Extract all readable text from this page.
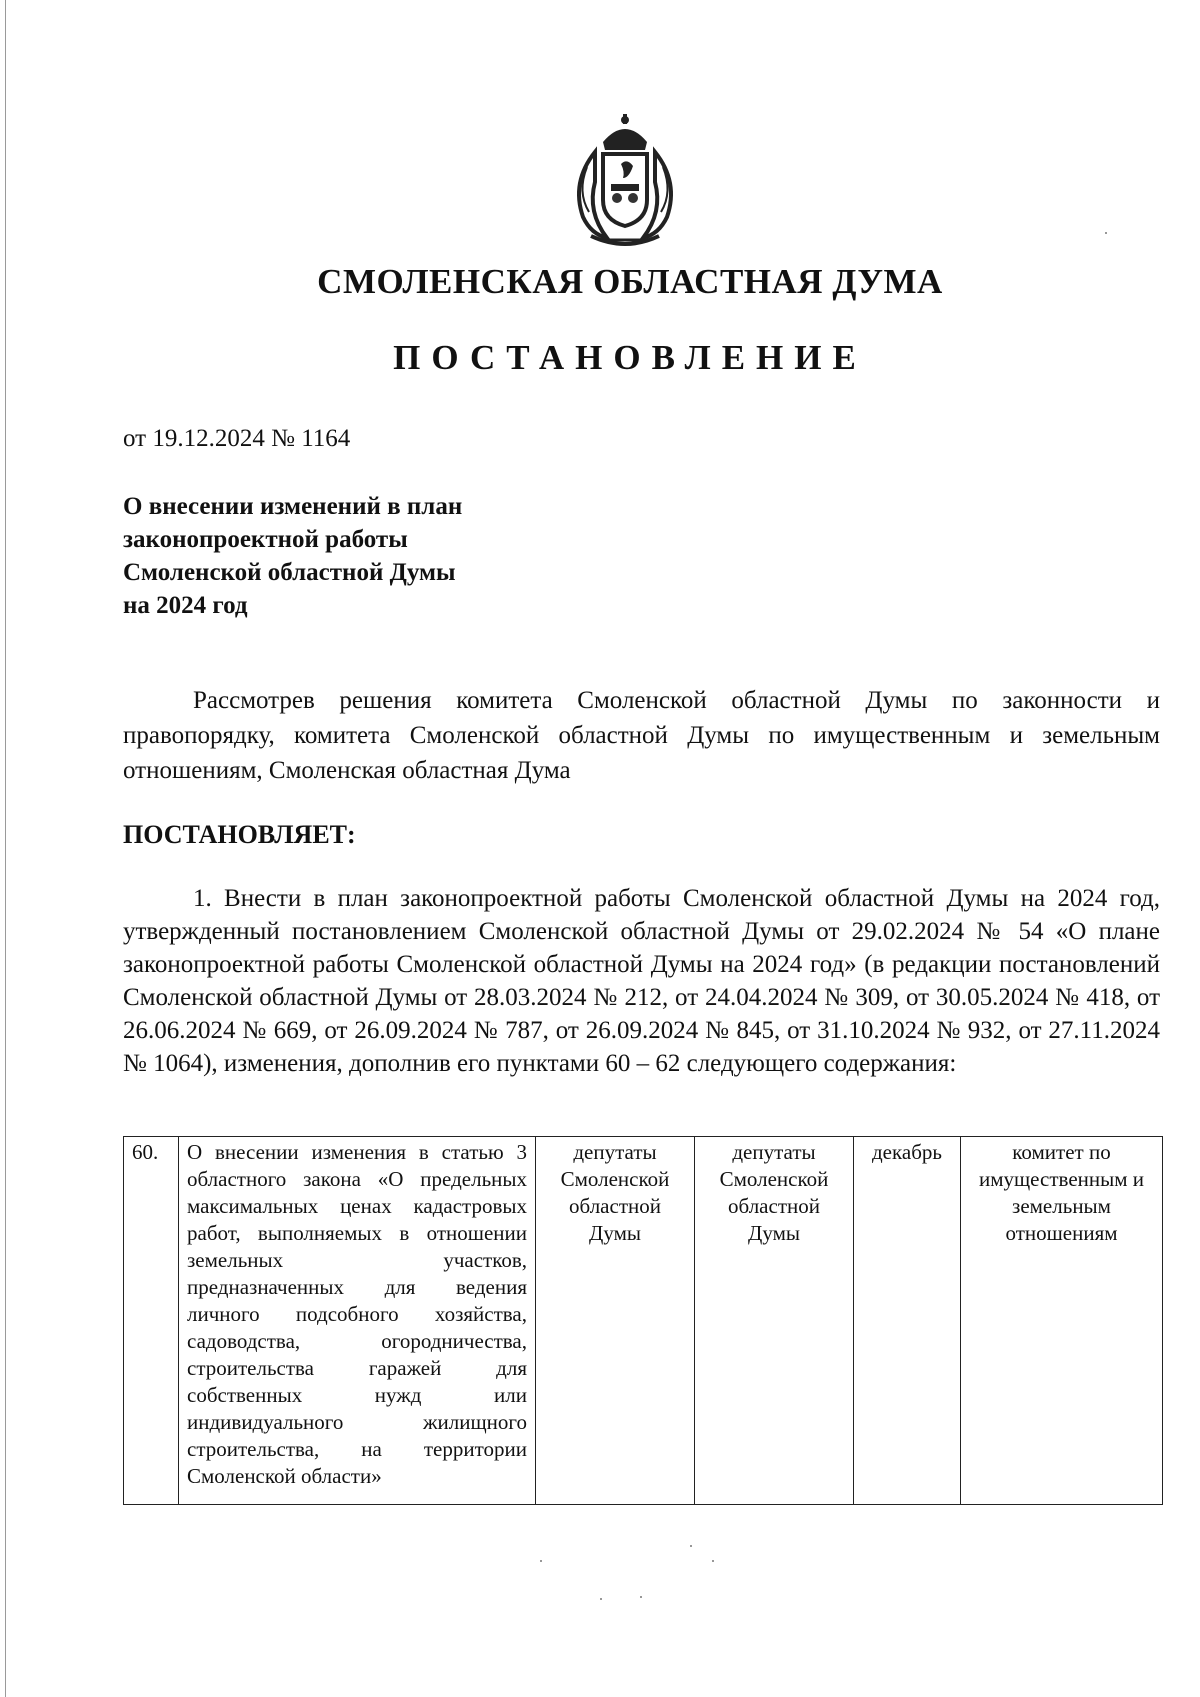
СМОЛЕНСКАЯ ОБЛАСТНАЯ ДУМА
ПОСТАНОВЛЕНИЕ
от 19.12.2024 № 1164
О внесении изменений в план
законопроектной работы
Смоленской областной Думы
на 2024 год

Рассмотрев решения комитета Смоленской областной Думы по законности и правопорядку, комитета Смоленской областной Думы по имущественным и земельным отношениям, Смоленская областная Дума

ПОСТАНОВЛЯЕТ:

1. Внести в план законопроектной работы Смоленской областной Думы на 2024 год, утвержденный постановлением Смоленской областной Думы от 29.02.2024 № 54 «О плане законопроектной работы Смоленской областной Думы на 2024 год» (в редакции постановлений Смоленской областной Думы от 28.03.2024 № 212, от 24.04.2024 № 309, от 30.05.2024 № 418, от 26.06.2024 № 669, от 26.09.2024 № 787, от 26.09.2024 № 845, от 31.10.2024 № 932, от 27.11.2024 № 1064), изменения, дополнив его пунктами 60 – 62 следующего содержания:

60.	О внесении изменения в статью 3 областного закона «О предельных максимальных ценах кадастровых работ, выполняемых в отношении земельных участков, предназначенных для ведения личного подсобного хозяйства, садоводства, огородничества, строительства гаражей для собственных нужд или индивидуального жилищного строительства, на территории Смоленской области»	депутаты Смоленской областной Думы	депутаты Смоленской областной Думы	декабрь	комитет по имущественным и земельным отношениям
